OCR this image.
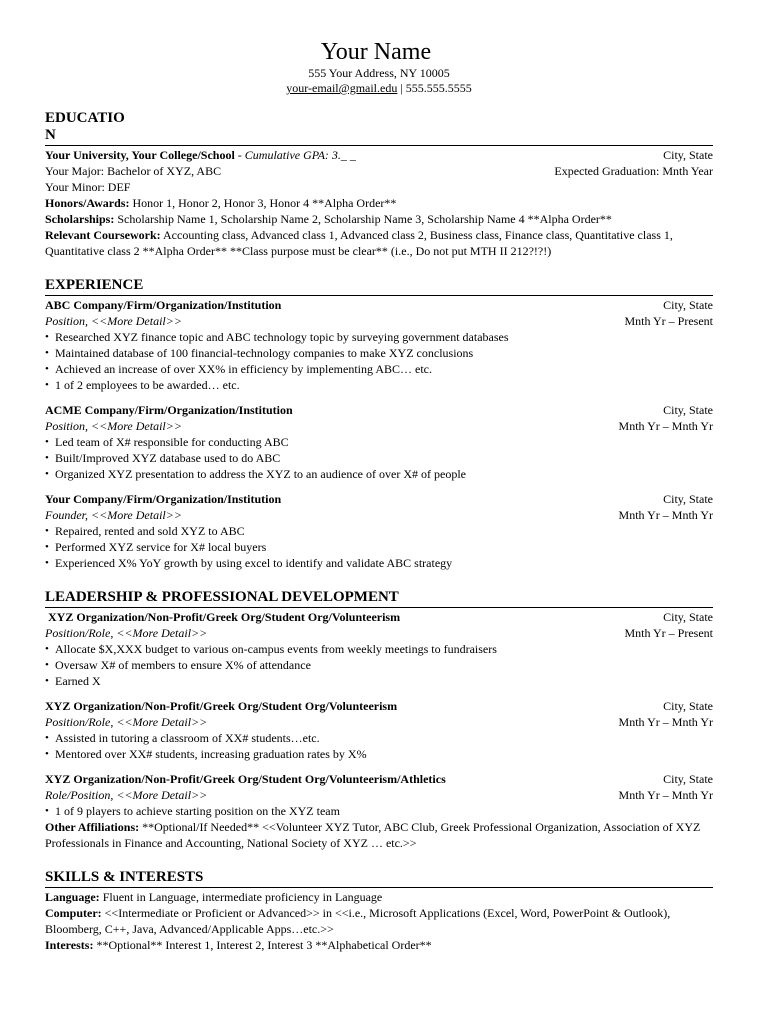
Your Name
555 Your Address, NY 10005
your-email@gmail.edu | 555.555.5555
EDUCATIO
N
Your University, Your College/School - Cumulative GPA: 3._ _	City, State
Your Major: Bachelor of XYZ, ABC	Expected Graduation: Mnth Year
Your Minor: DEF

Honors/Awards: Honor 1, Honor 2, Honor 3, Honor 4 **Alpha Order**

Scholarships: Scholarship Name 1, Scholarship Name 2, Scholarship Name 3, Scholarship Name 4 **Alpha Order**

Relevant Coursework: Accounting class, Advanced class 1, Advanced class 2, Business class, Finance class, Quantitative class 1, Quantitative class 2 **Alpha Order** **Class purpose must be clear** (i.e., Do not put MTH II 212?!?!)

EXPERIENCE
ABC Company/Firm/Organization/Institution	City, State
Position, <<More Detail>>	Mnth Yr – Present
• Researched XYZ finance topic and ABC technology topic by surveying government databases
• Maintained database of 100 financial-technology companies to make XYZ conclusions
• Achieved an increase of over XX% in efficiency by implementing ABC… etc.
• 1 of 2 employees to be awarded… etc.
ACME Company/Firm/Organization/Institution	City, State
Position, <<More Detail>>	Mnth Yr – Mnth Yr
• Led team of X# responsible for conducting ABC
• Built/Improved XYZ database used to do ABC
• Organized XYZ presentation to address the XYZ to an audience of over X# of people
Your Company/Firm/Organization/Institution	City, State
Founder, <<More Detail>>	Mnth Yr – Mnth Yr
• Repaired, rented and sold XYZ to ABC
• Performed XYZ service for X# local buyers
• Experienced X% YoY growth by using excel to identify and validate ABC strategy
LEADERSHIP & PROFESSIONAL DEVELOPMENT
XYZ Organization/Non-Profit/Greek Org/Student Org/Volunteerism	City, State
Position/Role, <<More Detail>>	Mnth Yr – Present
• Allocate $X,XXX budget to various on-campus events from weekly meetings to fundraisers
• Oversaw X# of members to ensure X% of attendance
• Earned X
XYZ Organization/Non-Profit/Greek Org/Student Org/Volunteerism	City, State
Position/Role, <<More Detail>>	Mnth Yr – Mnth Yr
• Assisted in tutoring a classroom of XX# students…etc.
• Mentored over XX# students, increasing graduation rates by X%
XYZ Organization/Non-Profit/Greek Org/Student Org/Volunteerism/Athletics	City, State
Role/Position, <<More Detail>>	Mnth Yr – Mnth Yr
• 1 of 9 players to achieve starting position on the XYZ team

Other Affiliations: **Optional/If Needed** <<Volunteer XYZ Tutor, ABC Club, Greek Professional Organization, Association of XYZ Professionals in Finance and Accounting, National Society of XYZ … etc.>>

SKILLS & INTERESTS

Language: Fluent in Language, intermediate proficiency in Language

Computer: <<Intermediate or Proficient or Advanced>> in <<i.e., Microsoft Applications (Excel, Word, PowerPoint & Outlook), Bloomberg, C++, Java, Advanced/Applicable Apps…etc.>>

Interests: **Optional** Interest 1, Interest 2, Interest 3 **Alphabetical Order**
